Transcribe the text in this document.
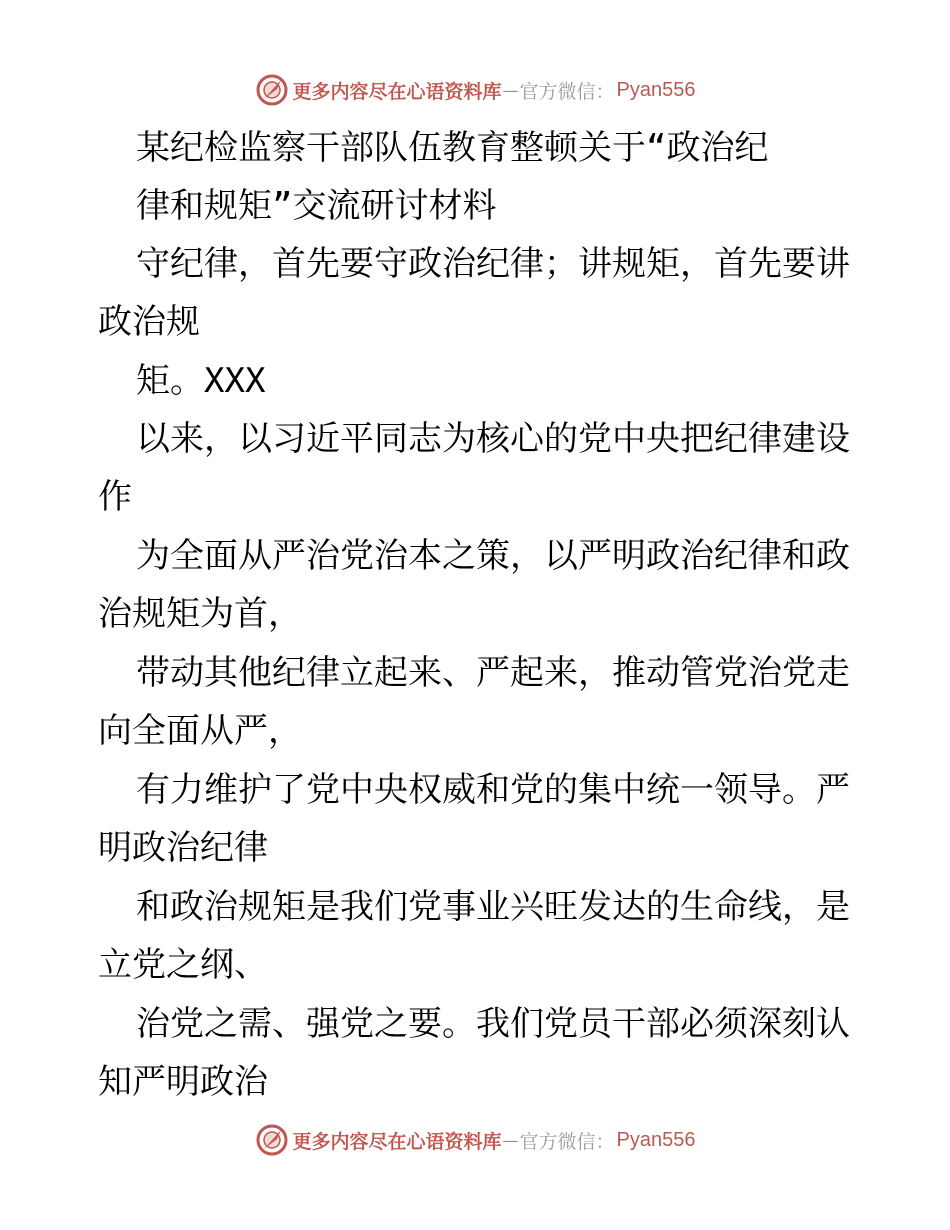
更多内容尽在心语资料库 — 官方微信： Pyan556
某纪检监察干部队伍教育整顿关于“政治纪
律和规矩”交流研讨材料
守纪律，首先要守政治纪律；讲规矩，首先要讲
政治规
矩。XXX
以来，以习近平同志为核心的党中央把纪律建设
作
为全面从严治党治本之策，以严明政治纪律和政
治规矩为首，
带动其他纪律立起来、严起来，推动管党治党走
向全面从严，
有力维护了党中央权威和党的集中统一领导。严
明政治纪律
和政治规矩是我们党事业兴旺发达的生命线，是
立党之纲、
治党之需、强党之要。我们党员干部必须深刻认
知严明政治
更多内容尽在心语资料库 — 官方微信： Pyan556
